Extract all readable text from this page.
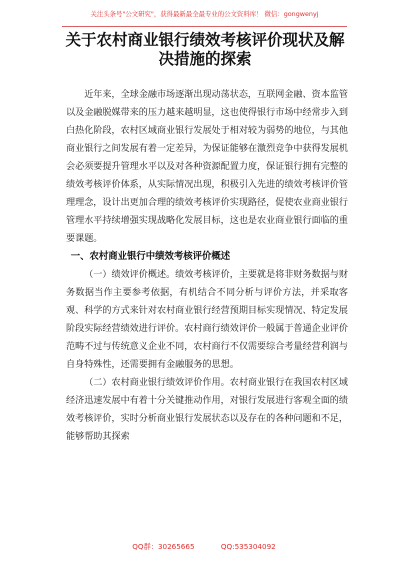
关注头条号"公文研究"，获得最新最全最专业的公文资料库！ 微信：gongwenyj
关于农村商业银行绩效考核评价现状及解
决措施的探索

近年来，全球金融市场逐渐出现动荡状态，互联网金融、资本监管以及金融脱媒带来的压力越来越明显，这也使得银行市场中经常步入到白热化阶段，农村区域商业银行发展处于相对较为弱势的地位，与其他商业银行之间发展有着一定差异，为保证能够在激烈竞争中获得发展机会必须要提升管理水平以及对各种资源配置力度，保证银行拥有完整的绩效考核评价体系，从实际情况出现，积极引入先进的绩效考核评价管理理念，设计出更加合理的绩效考核评价实现路径，促使农业商业银行管理水平持续增强实现战略化发展目标，这也是农业商业银行面临的重要课题。

一、农村商业银行中绩效考核评价概述

（一）绩效评价概述。绩效考核评价，主要就是将非财务数据与财务数据当作主要参考依据，有机结合不同分析与评价方法，并采取客观、科学的方式来针对农村商业银行经营预期目标实现情况、特定发展阶段实际经营绩效进行评价。农村商行绩效评价一般属于普通企业评价范畴不过与传统意义企业不同，农村商行不仅需要综合考量经营利润与自身特殊性，还需要拥有金融服务的思想。

（二）农村商业银行绩效评价作用。农村商业银行在我国农村区域经济迅速发展中有着十分关键推动作用，对银行发展进行客观全面的绩效考核评价，实时分析商业银行发展状态以及存在的各种问题和不足，能够帮助其探索

QQ群：30265665	QQ:535304092
